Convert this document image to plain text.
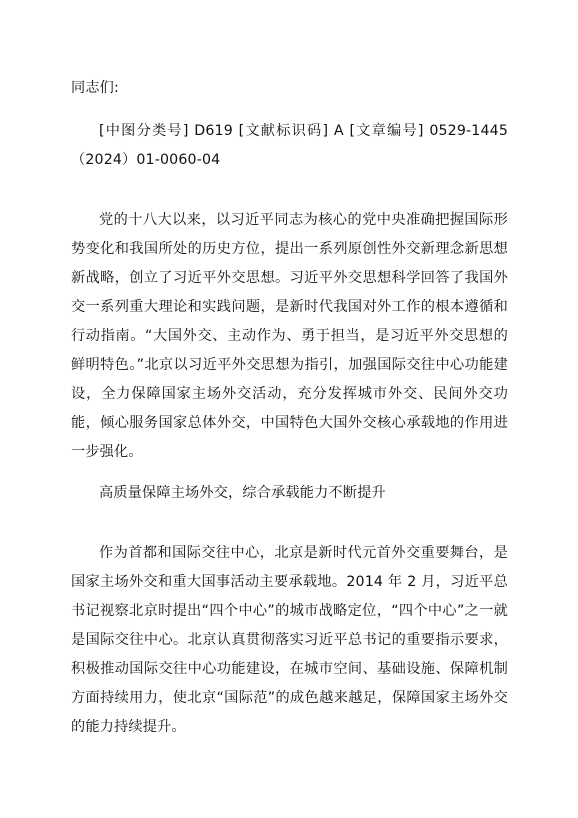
同志们:

[中图分类号] D619 [文献标识码] A [文章编号] 0529-1445（2024）01-0060-04

党的十八大以来，以习近平同志为核心的党中央准确把握国际形势变化和我国所处的历史方位，提出一系列原创性外交新理念新思想新战略，创立了习近平外交思想。习近平外交思想科学回答了我国外交一系列重大理论和实践问题，是新时代我国对外工作的根本遵循和行动指南。“大国外交、主动作为、勇于担当，是习近平外交思想的鲜明特色。”北京以习近平外交思想为指引，加强国际交往中心功能建设，全力保障国家主场外交活动，充分发挥城市外交、民间外交功能，倾心服务国家总体外交，中国特色大国外交核心承载地的作用进一步强化。

高质量保障主场外交，综合承载能力不断提升

作为首都和国际交往中心，北京是新时代元首外交重要舞台，是国家主场外交和重大国事活动主要承载地。2014 年 2 月，习近平总书记视察北京时提出“四个中心”的城市战略定位，“四个中心”之一就是国际交往中心。北京认真贯彻落实习近平总书记的重要指示要求，积极推动国际交往中心功能建设，在城市空间、基础设施、保障机制方面持续用力，使北京“国际范”的成色越来越足，保障国家主场外交的能力持续提升。
